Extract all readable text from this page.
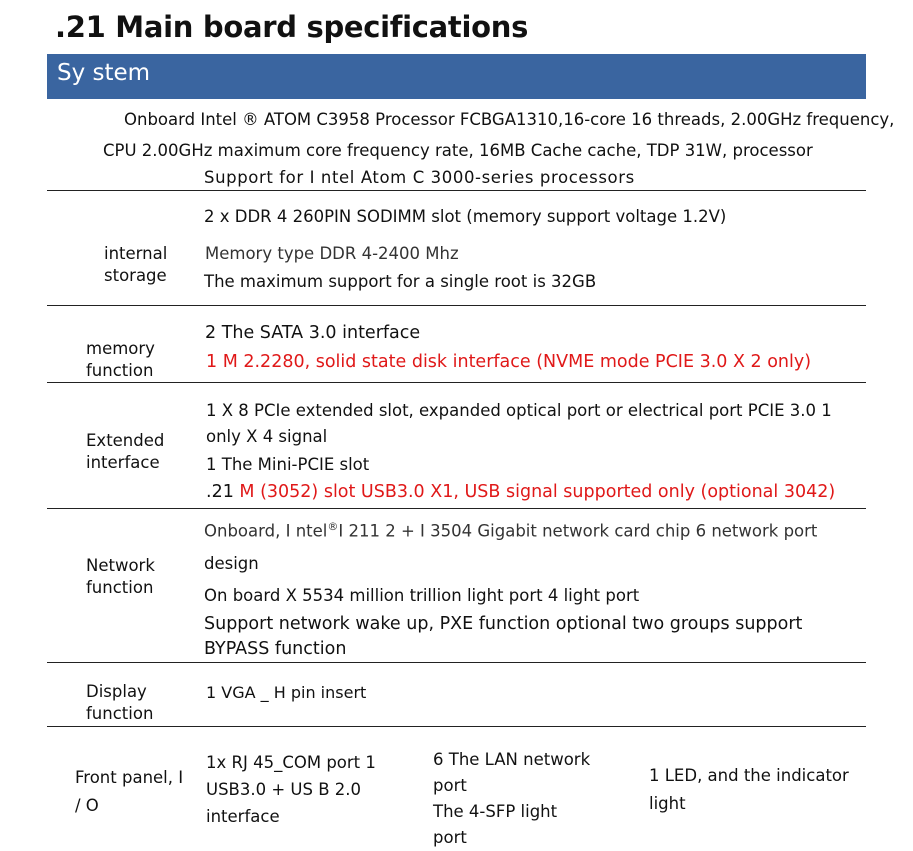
.21 Main board specifications
Sy stem
Onboard Intel ® ATOM C3958 Processor FCBGA1310,16-core 16 threads, 2.00GHz frequency,
CPU 2.00GHz maximum core frequency rate, 16MB Cache cache, TDP 31W, processor
Support for I ntel Atom C 3000-series processors
internal
storage
2 x DDR 4 260PIN SODIMM slot (memory support voltage 1.2V)
Memory type DDR 4-2400 Mhz
The maximum support for a single root is 32GB
memory
function
2 The SATA 3.0 interface
1 M 2.2280, solid state disk interface (NVME mode PCIE 3.0 X 2 only)
Extended
interface
1 X 8 PCIe extended slot, expanded optical port or electrical port PCIE 3.0 1
only X 4 signal
1 The Mini-PCIE slot
.21 M (3052) slot USB3.0 X1, USB signal supported only (optional 3042)
Network
function
Onboard, I ntel®I 211 2 + I 3504 Gigabit network card chip 6 network port
design
On board X 5534 million trillion light port 4 light port
Support network wake up, PXE function optional two groups support
BYPASS function
Display
function
1 VGA _ H pin insert
Front panel, I
/ O
1x RJ 45_COM port 1
USB3.0 + US B 2.0
interface
6 The LAN network
port
The 4-SFP light
port
1 LED, and the indicator
light
